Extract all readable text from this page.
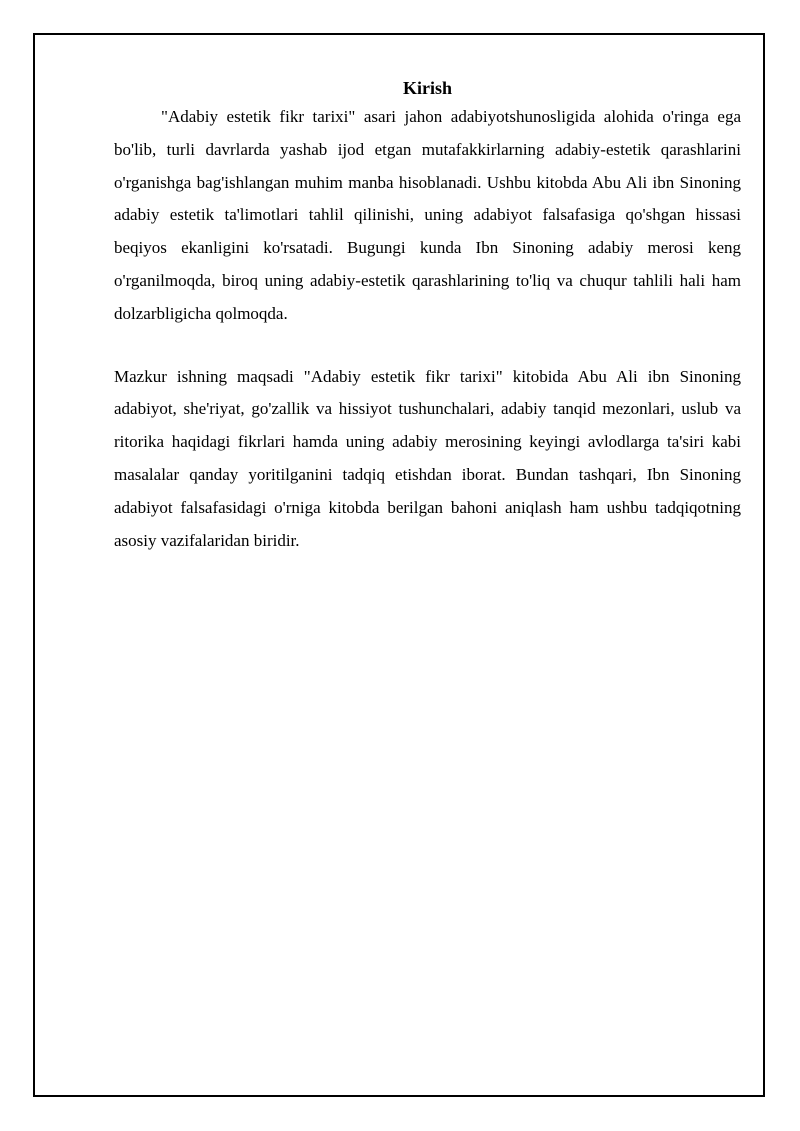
Kirish

"Adabiy estetik fikr tarixi" asari jahon adabiyotshunosligida alohida o'ringa ega bo'lib, turli davrlarda yashab ijod etgan mutafakkirlarning adabiy-estetik qarashlarini o'rganishga bag'ishlangan muhim manba hisoblanadi. Ushbu kitobda Abu Ali ibn Sinoning adabiy estetik ta'limotlari tahlil qilinishi, uning adabiyot falsafasiga qo'shgan hissasi beqiyos ekanligini ko'rsatadi. Bugungi kunda Ibn Sinoning adabiy merosi keng o'rganilmoqda, biroq uning adabiy-estetik qarashlarining to'liq va chuqur tahlili hali ham dolzarbligicha qolmoqda.

Mazkur ishning maqsadi "Adabiy estetik fikr tarixi" kitobida Abu Ali ibn Sinoning adabiyot, she'riyat, go'zallik va hissiyot tushunchalari, adabiy tanqid mezonlari, uslub va ritorika haqidagi fikrlari hamda uning adabiy merosining keyingi avlodlarga ta'siri kabi masalalar qanday yoritilganini tadqiq etishdan iborat. Bundan tashqari, Ibn Sinoning adabiyot falsafasidagi o'rniga kitobda berilgan bahoni aniqlash ham ushbu tadqiqotning asosiy vazifalaridan biridir.
